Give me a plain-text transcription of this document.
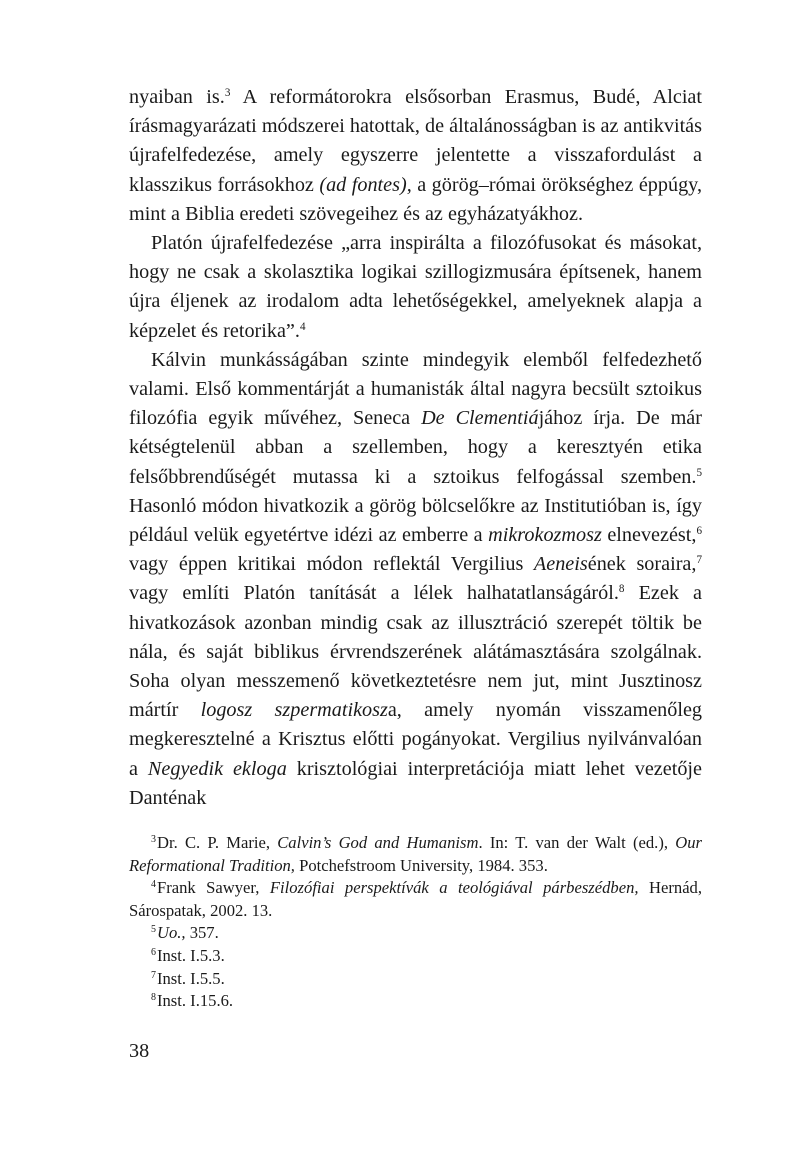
nyaiban is.$^3$ A reformátorokra elsősorban Erasmus, Budé, Alciat írásmagyarázati módszerei hatottak, de általánosságban is az antikvitás újrafelfedezése, amely egyszerre jelentette a visszafordulást a klasszikus forrásokhoz (ad fontes), a görög–római örökséghez éppúgy, mint a Biblia eredeti szövegeihez és az egyházatyákhoz.

Platón újrafelfedezése „arra inspirálta a filozófusokat és másokat, hogy ne csak a skolasztika logikai szillogizmusára építsenek, hanem újra éljenek az irodalom adta lehetőségekkel, amelyeknek alapja a képzelet és retorika”.$^4$

Kálvin munkásságában szinte mindegyik elemből felfedezhető valami. Első kommentárját a humanisták által nagyra becsült sztoikus filozófia egyik művéhez, Seneca De Clementiájához írja. De már kétségtelenül abban a szellemben, hogy a keresztyén etika felsőbbrendűségét mutassa ki a sztoikus felfogással szemben.$^5$ Hasonló módon hivatkozik a görög bölcselőkre az Institutióban is, így például velük egyetértve idézi az emberre a mikrokozmosz elnevezést,$^6$ vagy éppen kritikai módon reflektál Vergilius Aeneisének soraira,$^7$ vagy említi Platón tanítását a lélek halhatatlanságáról.$^8$ Ezek a hivatkozások azonban mindig csak az illusztráció szerepét töltik be nála, és saját biblikus érvrendszerének alátámasztására szolgálnak. Soha olyan messzemenő következtetésre nem jut, mint Jusztinosz mártír logosz szpermatikosza, amely nyomán visszamenőleg megkeresztelné a Krisztus előtti pogányokat. Vergilius nyilvánvalóan a Negyedik ekloga krisztológiai interpretációja miatt lehet vezetője Danténak

$^3$Dr. C. P. Marie, Calvin’s God and Humanism. In: T. van der Walt (ed.), Our Reformational Tradition, Potchefstroom University, 1984. 353.

$^4$Frank Sawyer, Filozófiai perspektívák a teológiával párbeszédben, Hernád, Sárospatak, 2002. 13.

$^5$Uo., 357.

$^6$Inst. I.5.3.

$^7$Inst. I.5.5.

$^8$Inst. I.15.6.

38
